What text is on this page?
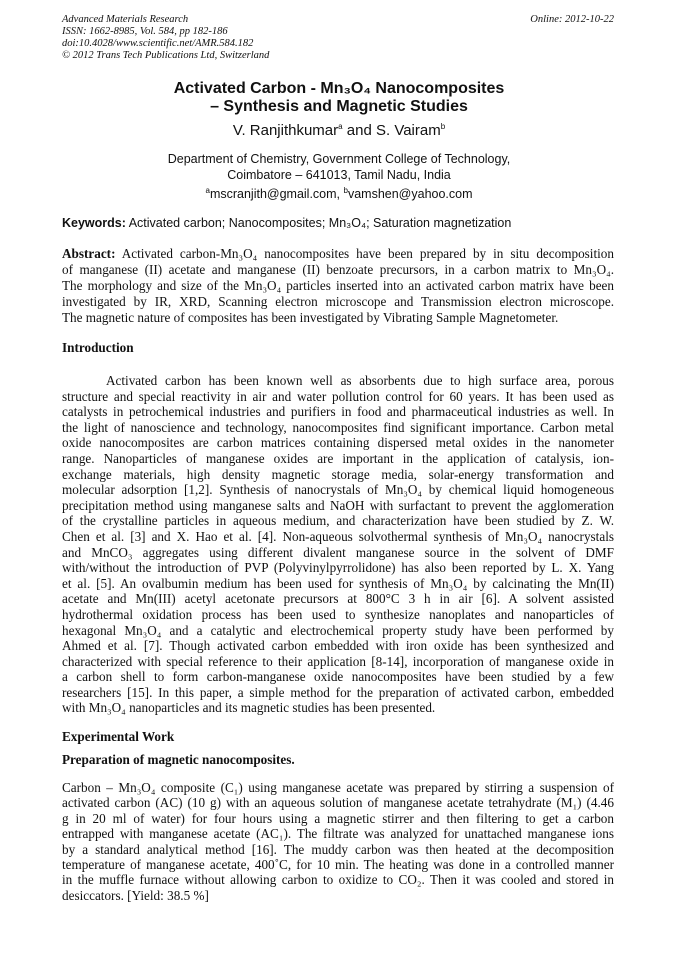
Advanced Materials Research
ISSN: 1662-8985, Vol. 584, pp 182-186
doi:10.4028/www.scientific.net/AMR.584.182
© 2012 Trans Tech Publications Ltd, Switzerland
Online: 2012-10-22
Activated Carbon - Mn₃O₄ Nanocomposites
– Synthesis and Magnetic Studies
V. Ranjithkumar$^a$ and S. Vairam$^b$
Department of Chemistry, Government College of Technology,
Coimbatore – 641013, Tamil Nadu, India
$^a$mscranjith@gmail.com, $^b$vamshen@yahoo.com
Keywords: Activated carbon; Nanocomposites; Mn₃O₄; Saturation magnetization
Abstract: Activated carbon-Mn₃O₄ nanocomposites have been prepared by in situ decomposition
of manganese (II) acetate and manganese (II) benzoate precursors, in a carbon matrix to Mn₃O₄.
The morphology and size of the Mn₃O₄ particles inserted into an activated carbon matrix have been
investigated by IR, XRD, Scanning electron microscope and Transmission electron microscope.
The magnetic nature of composites has been investigated by Vibrating Sample Magnetometer.
Introduction
Activated carbon has been known well as absorbents due to high surface area, porous
structure and special reactivity in air and water pollution control for 60 years. It has been used as
catalysts in petrochemical industries and purifiers in food and pharmaceutical industries as well. In
the light of nanoscience and technology, nanocomposites find significant importance. Carbon metal
oxide nanocomposites are carbon matrices containing dispersed metal oxides in the nanometer
range. Nanoparticles of manganese oxides are important in the application of catalysis, ion-
exchange materials, high density magnetic storage media, solar-energy transformation and
molecular adsorption [1,2]. Synthesis of nanocrystals of Mn₃O₄ by chemical liquid homogeneous
precipitation method using manganese salts and NaOH with surfactant to prevent the agglomeration
of the crystalline particles in aqueous medium, and characterization have been studied by Z. W.
Chen et al. [3] and X. Hao et al. [4]. Non-aqueous solvothermal synthesis of Mn₃O₄ nanocrystals
and MnCO₃ aggregates using different divalent manganese source in the solvent of DMF
with/without the introduction of PVP (Polyvinylpyrrolidone) has also been reported by L. X. Yang
et al. [5]. An ovalbumin medium has been used for synthesis of Mn₃O₄ by calcinating the Mn(II)
acetate and Mn(III) acetyl acetonate precursors at 800°C 3 h in air [6]. A solvent assisted
hydrothermal oxidation process has been used to synthesize nanoplates and nanoparticles of
hexagonal Mn₃O₄ and a catalytic and electrochemical property study have been performed by
Ahmed et al. [7]. Though activated carbon embedded with iron oxide has been synthesized and
characterized with special reference to their application [8-14], incorporation of manganese oxide in
a carbon shell to form carbon-manganese oxide nanocomposites have been studied by a few
researchers [15]. In this paper, a simple method for the preparation of activated carbon, embedded
with Mn₃O₄ nanoparticles and its magnetic studies has been presented.
Experimental Work
Preparation of magnetic nanocomposites.
Carbon – Mn₃O₄ composite (C₁) using manganese acetate was prepared by stirring a suspension of
activated carbon (AC) (10 g) with an aqueous solution of manganese acetate tetrahydrate (M₁) (4.46
g in 20 ml of water) for four hours using a magnetic stirrer and then filtering to get a carbon
entrapped with manganese acetate (AC₁). The filtrate was analyzed for unattached manganese ions
by a standard analytical method [16]. The muddy carbon was then heated at the decomposition
temperature of manganese acetate, 400˚C, for 10 min. The heating was done in a controlled manner
in the muffle furnace without allowing carbon to oxidize to CO₂. Then it was cooled and stored in
desiccators. [Yield: 38.5 %]
